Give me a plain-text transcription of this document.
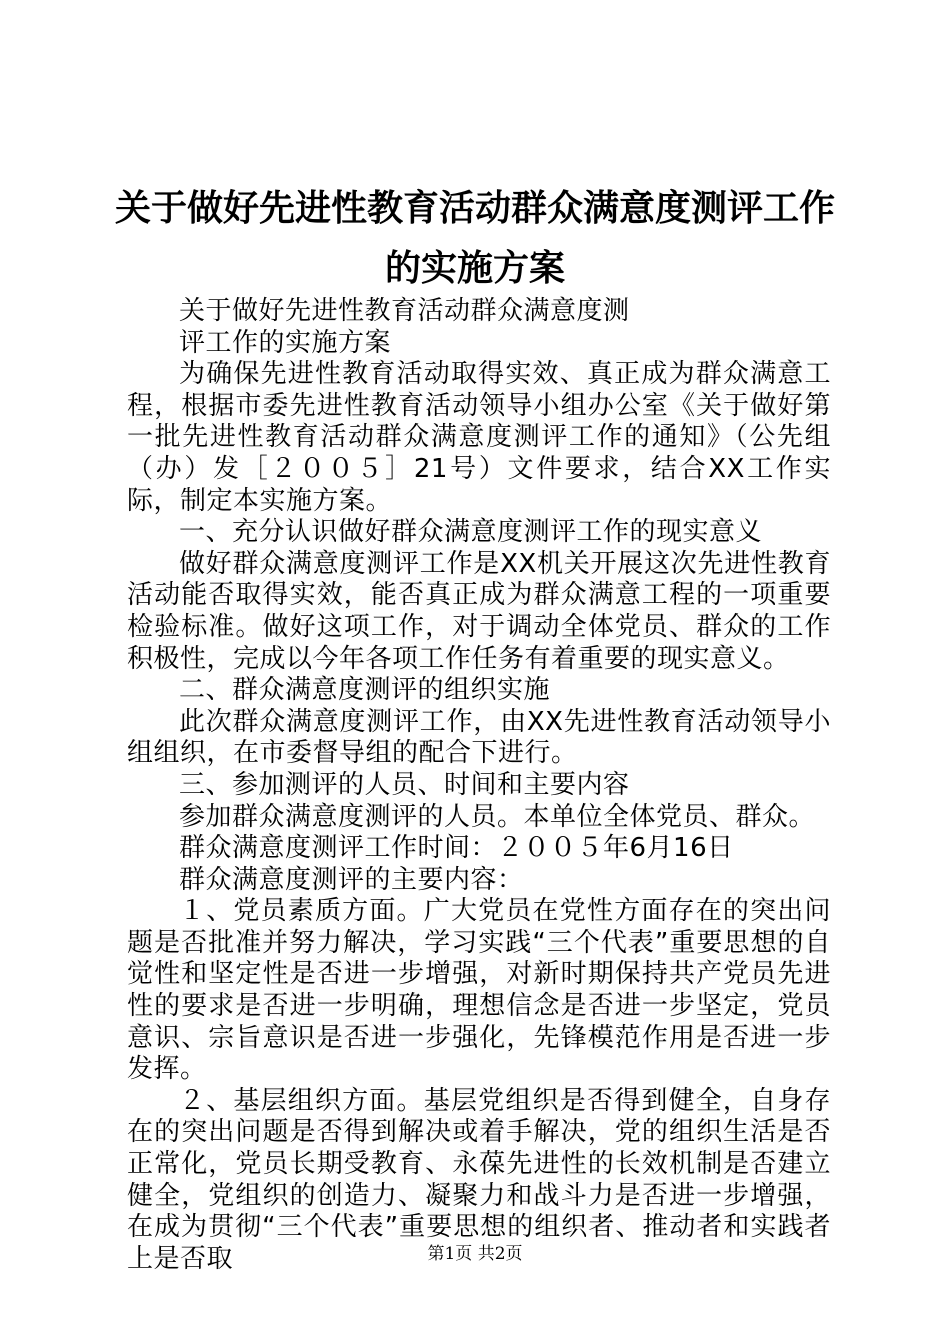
关于做好先进性教育活动群众满意度测评工作
的实施方案

关于做好先进性教育活动群众满意度测

评工作的实施方案

为确保先进性教育活动取得实效、真正成为群众满意工程，根据市委先进性教育活动领导小组办公室《关于做好第一批先进性教育活动群众满意度测评工作的通知》（公先组（办）发［２００５］21号）文件要求，结合XX工作实际，制定本实施方案。

一、充分认识做好群众满意度测评工作的现实意义

做好群众满意度测评工作是XX机关开展这次先进性教育活动能否取得实效，能否真正成为群众满意工程的一项重要检验标准。做好这项工作，对于调动全体党员、群众的工作积极性，完成以今年各项工作任务有着重要的现实意义。

二、群众满意度测评的组织实施

此次群众满意度测评工作，由XX先进性教育活动领导小组组织，在市委督导组的配合下进行。

三、参加测评的人员、时间和主要内容

参加群众满意度测评的人员。本单位全体党员、群众。

群众满意度测评工作时间：２００５年6月16日

群众满意度测评的主要内容：

１、党员素质方面。广大党员在党性方面存在的突出问题是否批准并努力解决，学习实践“三个代表”重要思想的自觉性和坚定性是否进一步增强，对新时期保持共产党员先进性的要求是否进一步明确，理想信念是否进一步坚定，党员意识、宗旨意识是否进一步强化，先锋模范作用是否进一步发挥。

２、基层组织方面。基层党组织是否得到健全，自身存在的突出问题是否得到解决或着手解决，党的组织生活是否正常化，党员长期受教育、永葆先进性的长效机制是否建立健全，党组织的创造力、凝聚力和战斗力是否进一步增强，在成为贯彻“三个代表”重要思想的组织者、推动者和实践者上是否取	第1页 共2页
